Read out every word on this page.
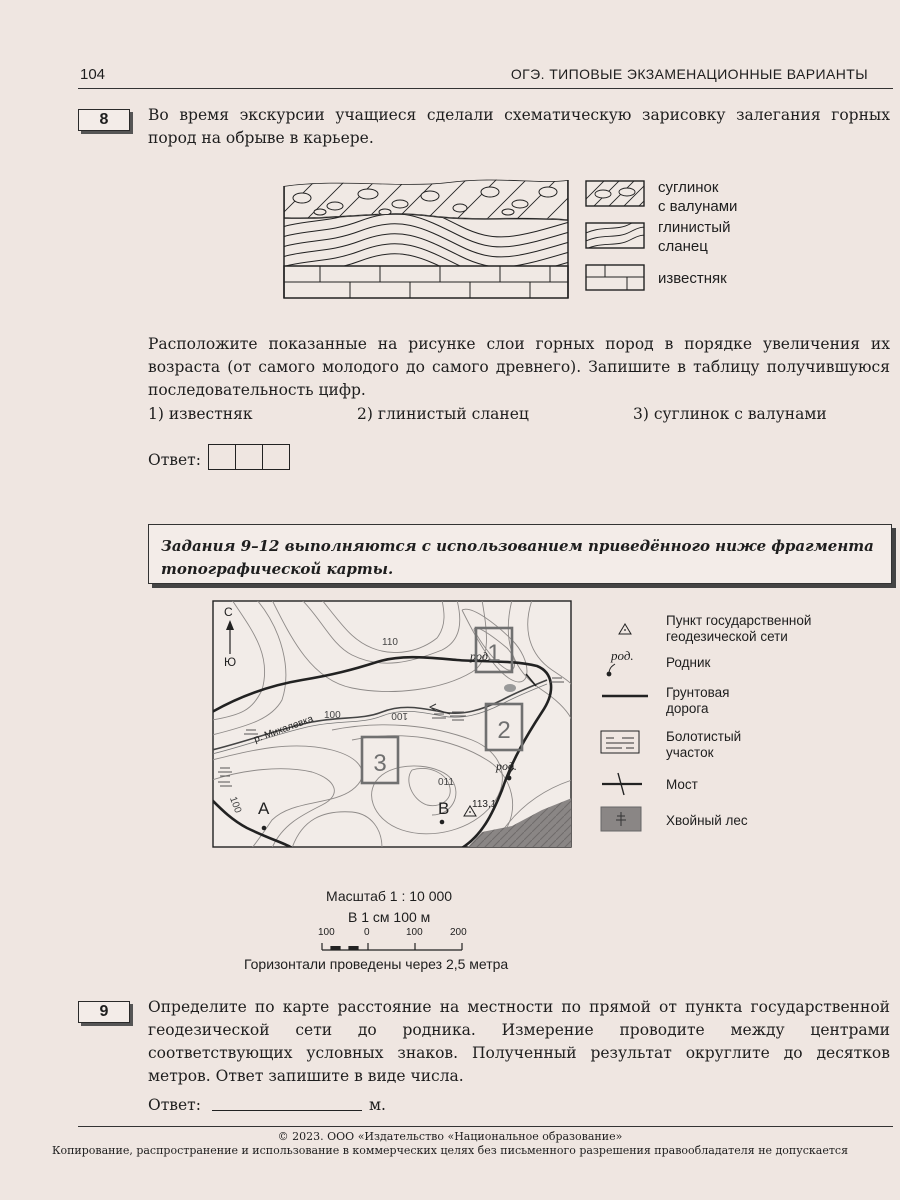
104	ОГЭ. ТИПОВЫЕ ЭКЗАМЕНАЦИОННЫЕ ВАРИАНТЫ
8	Во время экскурсии учащиеся сделали схематическую зарисовку залегания горных пород на обрыве в карьере.
суглинок
с валунами
глинистый
сланец
известняк
Расположите показанные на рисунке слои горных пород в порядке увеличения их возраста (от самого молодого до самого древнего). Запишите в таблицу получившуюся последовательность цифр.
1) известняк	2) глинистый сланец	3) суглинок с валунами
Ответ:
Задания 9–12 выполняются с использованием приведённого ниже фрагмента топографической карты.
С
Ю
110
100	100
011
100
р. Михалевка
род.
род.
А	В 113,1
1
2
3
Пункт государственной
геодезической сети
род. Родник
Грунтовая
дорога
Болотистый
участок
Мост
Хвойный лес
Масштаб 1 : 10 000
В 1 см 100 м
100	0	100	200
Горизонтали проведены через 2,5 метра
9	Определите по карте расстояние на местности по прямой от пункта государственной геодезической сети до родника. Измерение проводите между центрами соответствующих условных знаков. Полученный результат округлите до десятков метров. Ответ запишите в виде числа.
Ответ:	м.
© 2023. ООО «Издательство «Национальное образование»
Копирование, распространение и использование в коммерческих целях без письменного разрешения правообладателя не допускается
